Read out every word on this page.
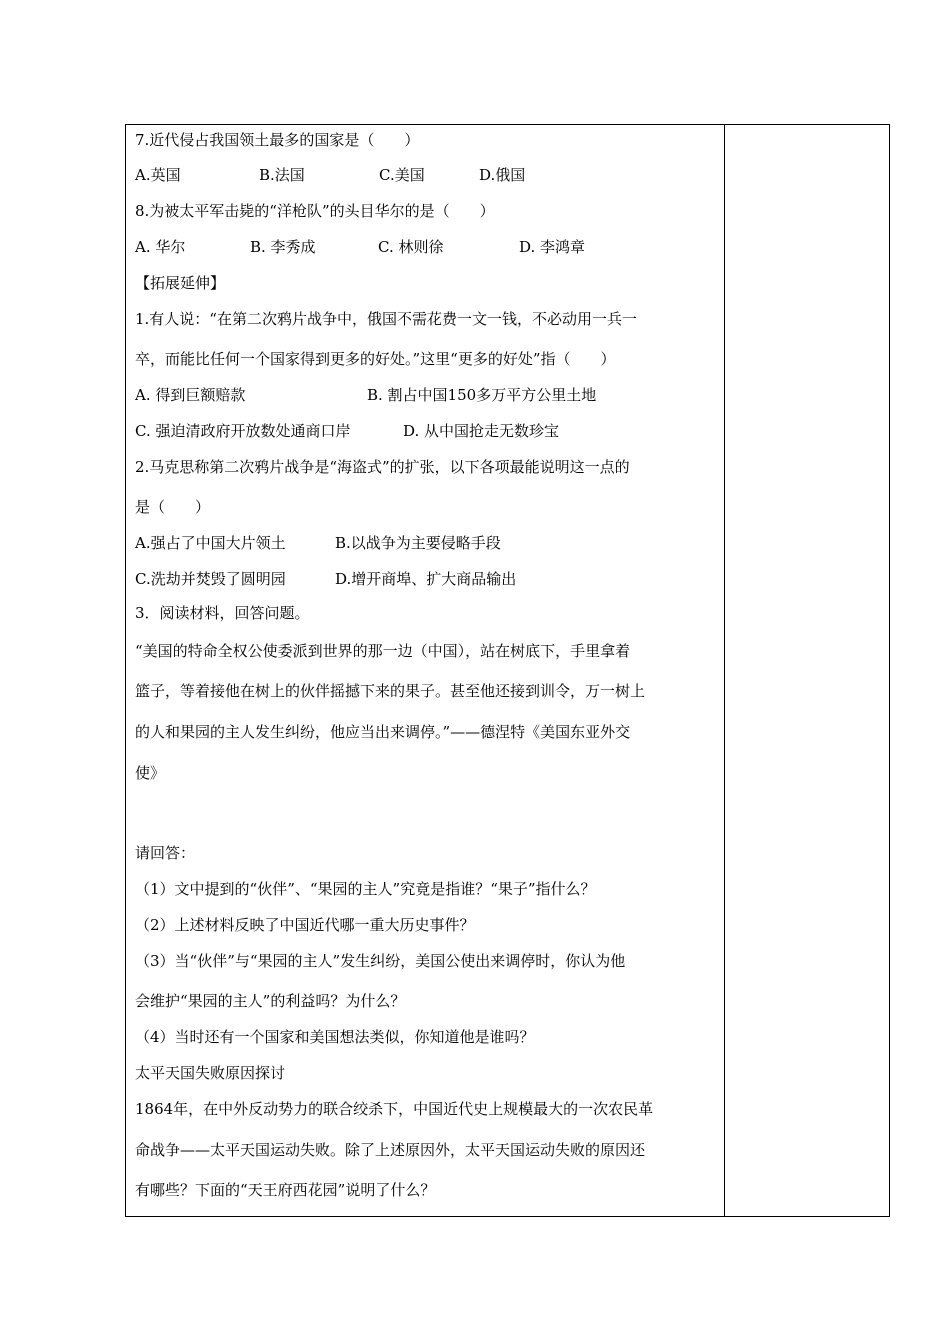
7.近代侵占我国领土最多的国家是（　　）
A.英国	B.法国	C.美国	D.俄国
8.为被太平军击毙的“洋枪队”的头目华尔的是（　　）
A. 华尔	B. 李秀成	C. 林则徐	D. 李鸿章
【拓展延伸】
1.有人说：“在第二次鸦片战争中，俄国不需花费一文一钱，不必动用一兵一
卒，而能比任何一个国家得到更多的好处。”这里“更多的好处”指（　　）
A. 得到巨额赔款	B. 割占中国150多万平方公里土地
C. 强迫清政府开放数处通商口岸	D. 从中国抢走无数珍宝
2.马克思称第二次鸦片战争是“海盗式”的扩张，以下各项最能说明这一点的
是（　　）
A.强占了中国大片领土	B.以战争为主要侵略手段
C.洗劫并焚毁了圆明园	D.增开商埠、扩大商品输出
3．阅读材料，回答问题。
“美国的特命全权公使委派到世界的那一边（中国），站在树底下，手里拿着
篮子，等着接他在树上的伙伴摇撼下来的果子。甚至他还接到训令，万一树上
的人和果园的主人发生纠纷，他应当出来调停。”——德涅特《美国东亚外交
使》
请回答：
（1）文中提到的“伙伴”、“果园的主人”究竟是指谁？“果子”指什么？
（2）上述材料反映了中国近代哪一重大历史事件？
（3）当“伙伴”与“果园的主人”发生纠纷，美国公使出来调停时，你认为他
会维护“果园的主人”的利益吗？为什么？
（4）当时还有一个国家和美国想法类似，你知道他是谁吗？
太平天国失败原因探讨
1864年，在中外反动势力的联合绞杀下，中国近代史上规模最大的一次农民革
命战争——太平天国运动失败。除了上述原因外，太平天国运动失败的原因还
有哪些？下面的“天王府西花园”说明了什么？
